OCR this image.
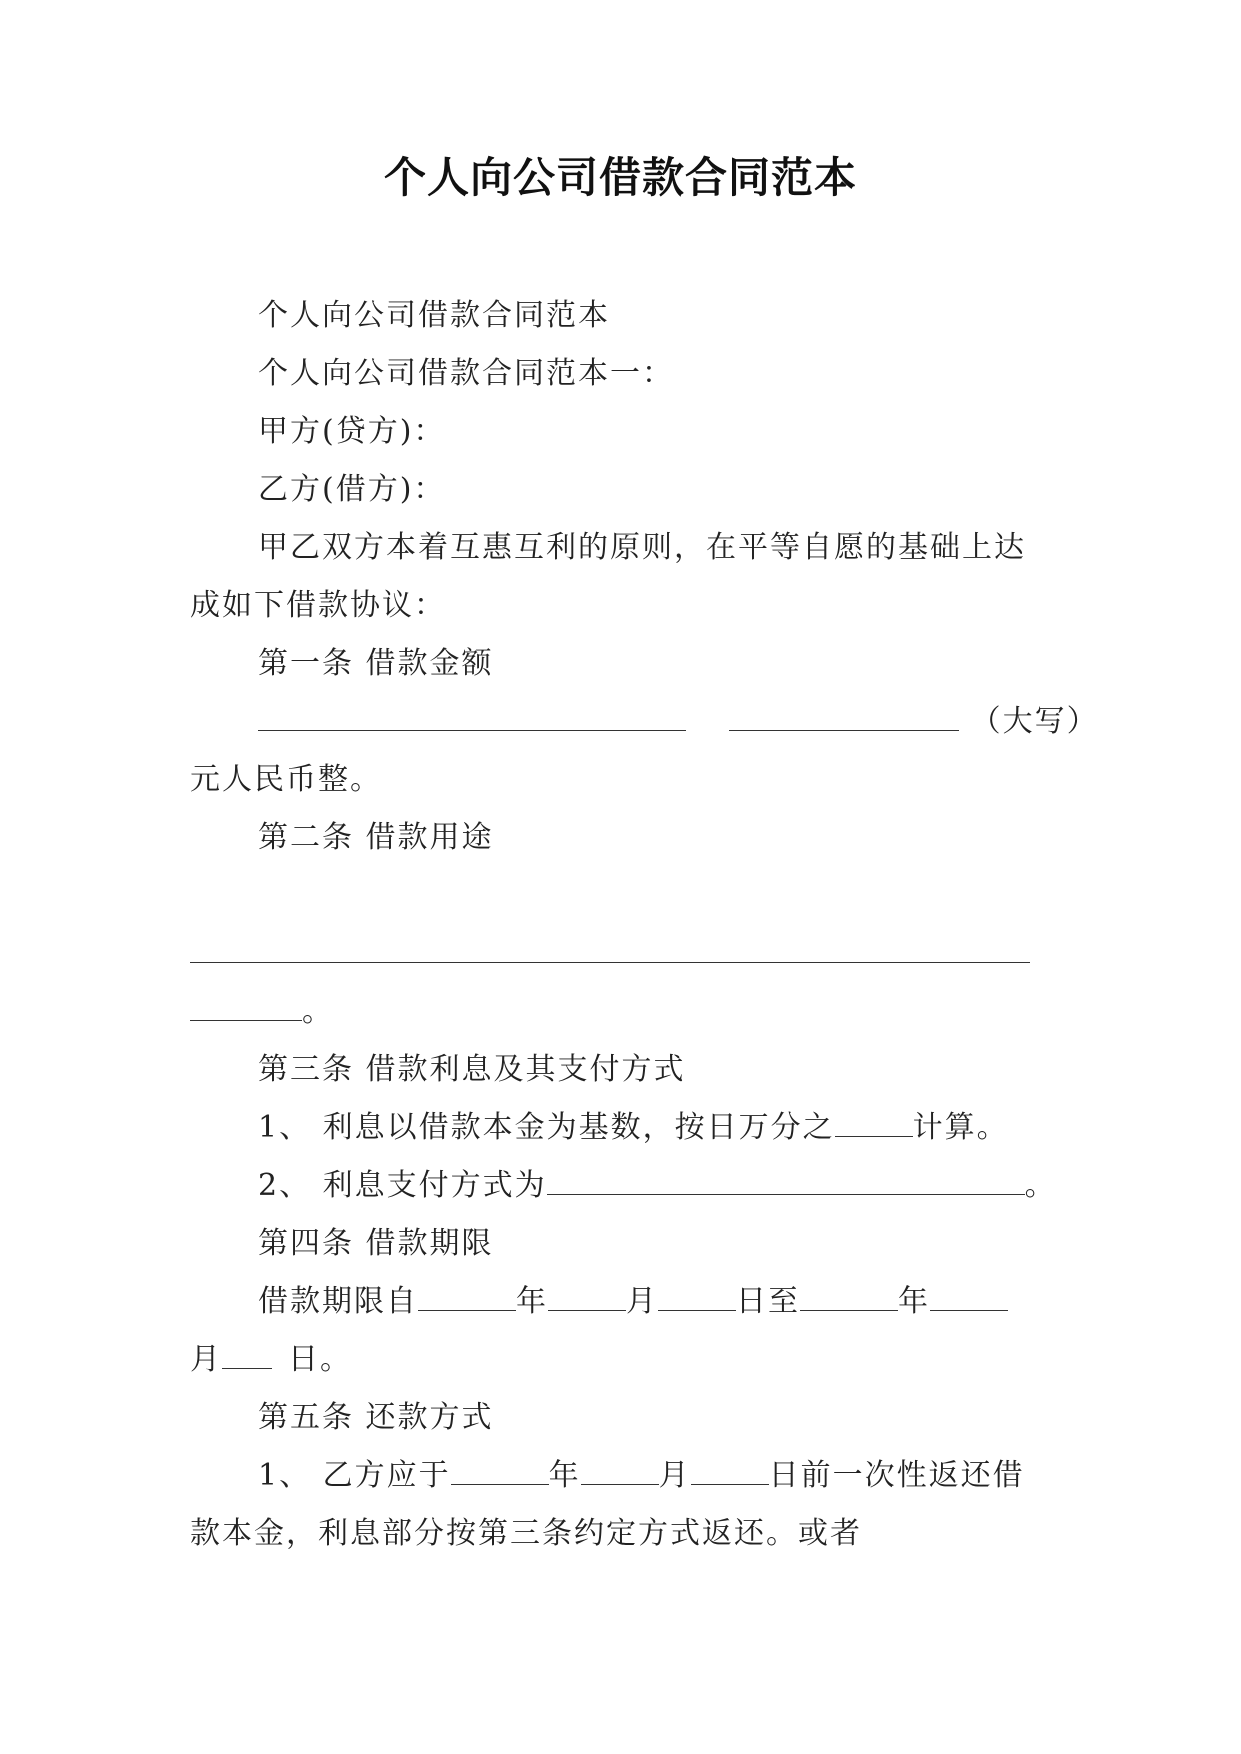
个人向公司借款合同范本
个人向公司借款合同范本
个人向公司借款合同范本一：
甲方(贷方)：
乙方(借方)：
甲乙双方本着互惠互利的原则，在平等自愿的基础上达
成如下借款协议：
第一条 借款金额
（大写）
元人民币整。
第二条 借款用途
。
第三条 借款利息及其支付方式
1、 利息以借款本金为基数，按日万分之	计算。
2、 利息支付方式为	。
第四条 借款期限
借款期限自	年	月	日至	年
月 日。
第五条 还款方式
1、 乙方应于	年	月	日前一次性返还借
款本金，利息部分按第三条约定方式返还。或者
